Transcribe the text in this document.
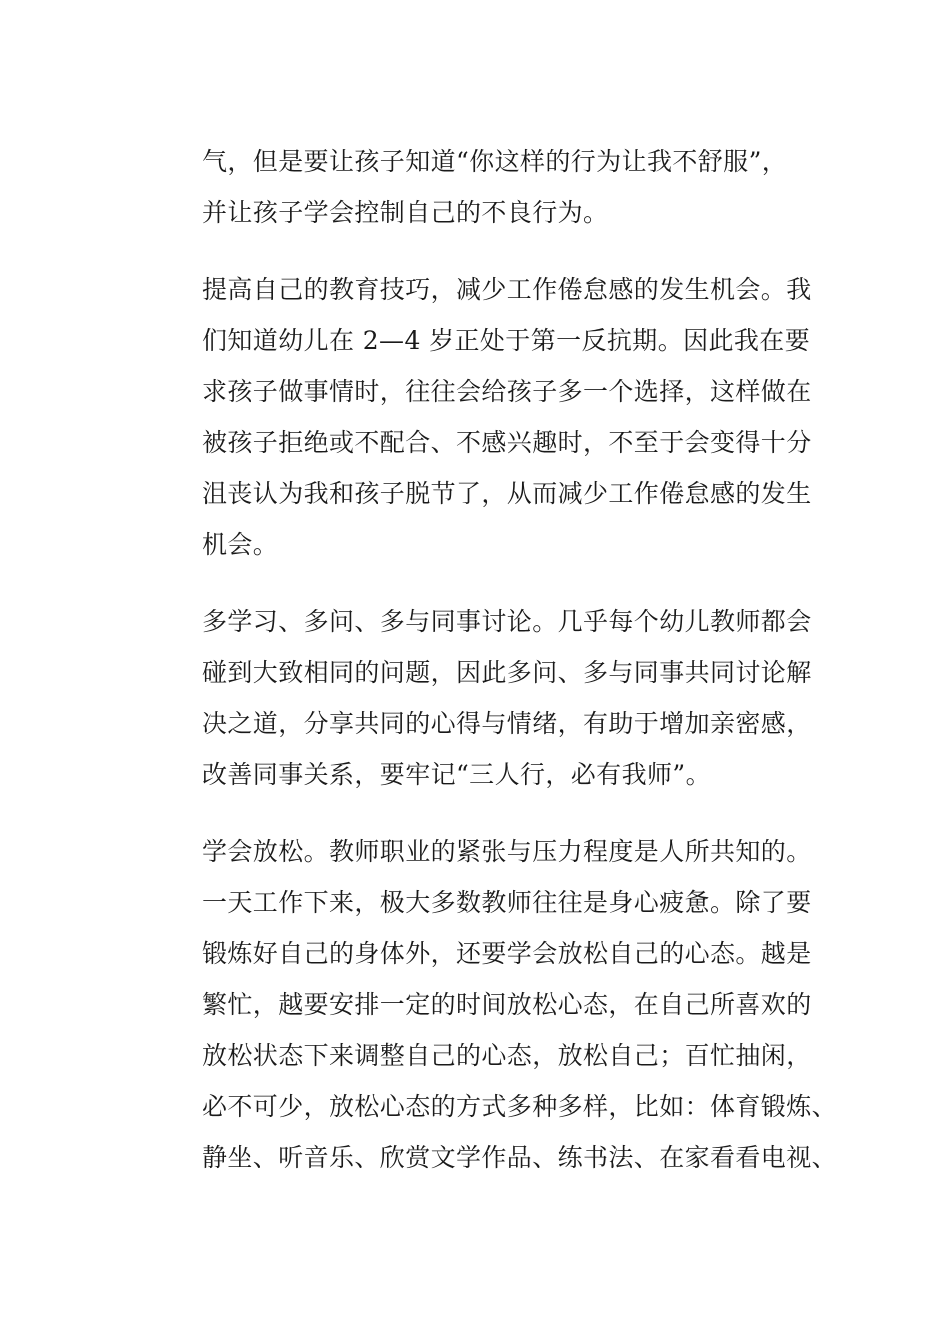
气，但是要让孩子知道“你这样的行为让我不舒服”，
并让孩子学会控制自己的不良行为。

提高自己的教育技巧，减少工作倦怠感的发生机会。我
们知道幼儿在 2—4 岁正处于第一反抗期。因此我在要
求孩子做事情时，往往会给孩子多一个选择，这样做在
被孩子拒绝或不配合、不感兴趣时，不至于会变得十分
沮丧认为我和孩子脱节了，从而减少工作倦怠感的发生
机会。

多学习、多问、多与同事讨论。几乎每个幼儿教师都会
碰到大致相同的问题，因此多问、多与同事共同讨论解
决之道，分享共同的心得与情绪，有助于增加亲密感，
改善同事关系，要牢记“三人行，必有我师”。

学会放松。教师职业的紧张与压力程度是人所共知的。
一天工作下来，极大多数教师往往是身心疲惫。除了要
锻炼好自己的身体外，还要学会放松自己的心态。越是
繁忙，越要安排一定的时间放松心态，在自己所喜欢的
放松状态下来调整自己的心态，放松自己；百忙抽闲，
必不可少，放松心态的方式多种多样，比如：体育锻炼、
静坐、听音乐、欣赏文学作品、练书法、在家看看电视、
